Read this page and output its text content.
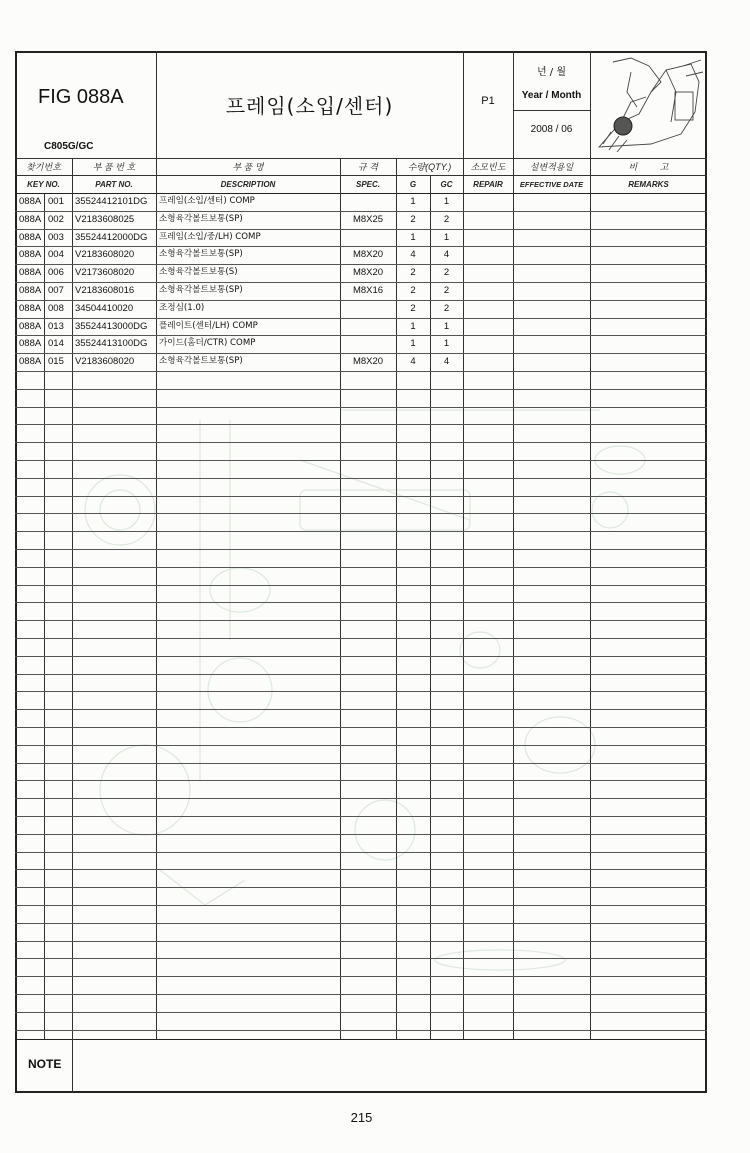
FIG 088A
C805G/GC
프레임(소입/센터)	P1
년 / 월
Year / Month
2008 / 06
찾기번호
KEY NO.
부 품 번 호
PART NO.
부 품 명
DESCRIPTION
규 격
SPEC.
수량(QTY.)
G	GC
소모빈도
REPAIR
설변적용일
EFFECTIVE DATE
비 고
REMARKS
088A 001	35524412101DG	프레임(소입/센터) COMP	1	1
088A 002	V2183608025	소형육각볼트보통(SP)	M8X25	2	2
088A 003	35524412000DG	프레임(소입/중/LH) COMP	1	1
088A 004	V2183608020	소형육각볼트보통(SP)	M8X20	4	4
088A 006	V2173608020	소형육각볼트보통(S)	M8X20	2	2
088A 007	V2183608016	소형육각볼트보통(SP)	M8X16	2	2
088A 008	34504410020	조정심(1.0)	2	2
088A 013	35524413000DG	플레이트(센터/LH) COMP	1	1
088A 014	35524413100DG	가이드(홈더/CTR) COMP	1	1
088A 015	V2183608020	소형육각볼트보통(SP)	M8X20	4	4
NOTE
215
